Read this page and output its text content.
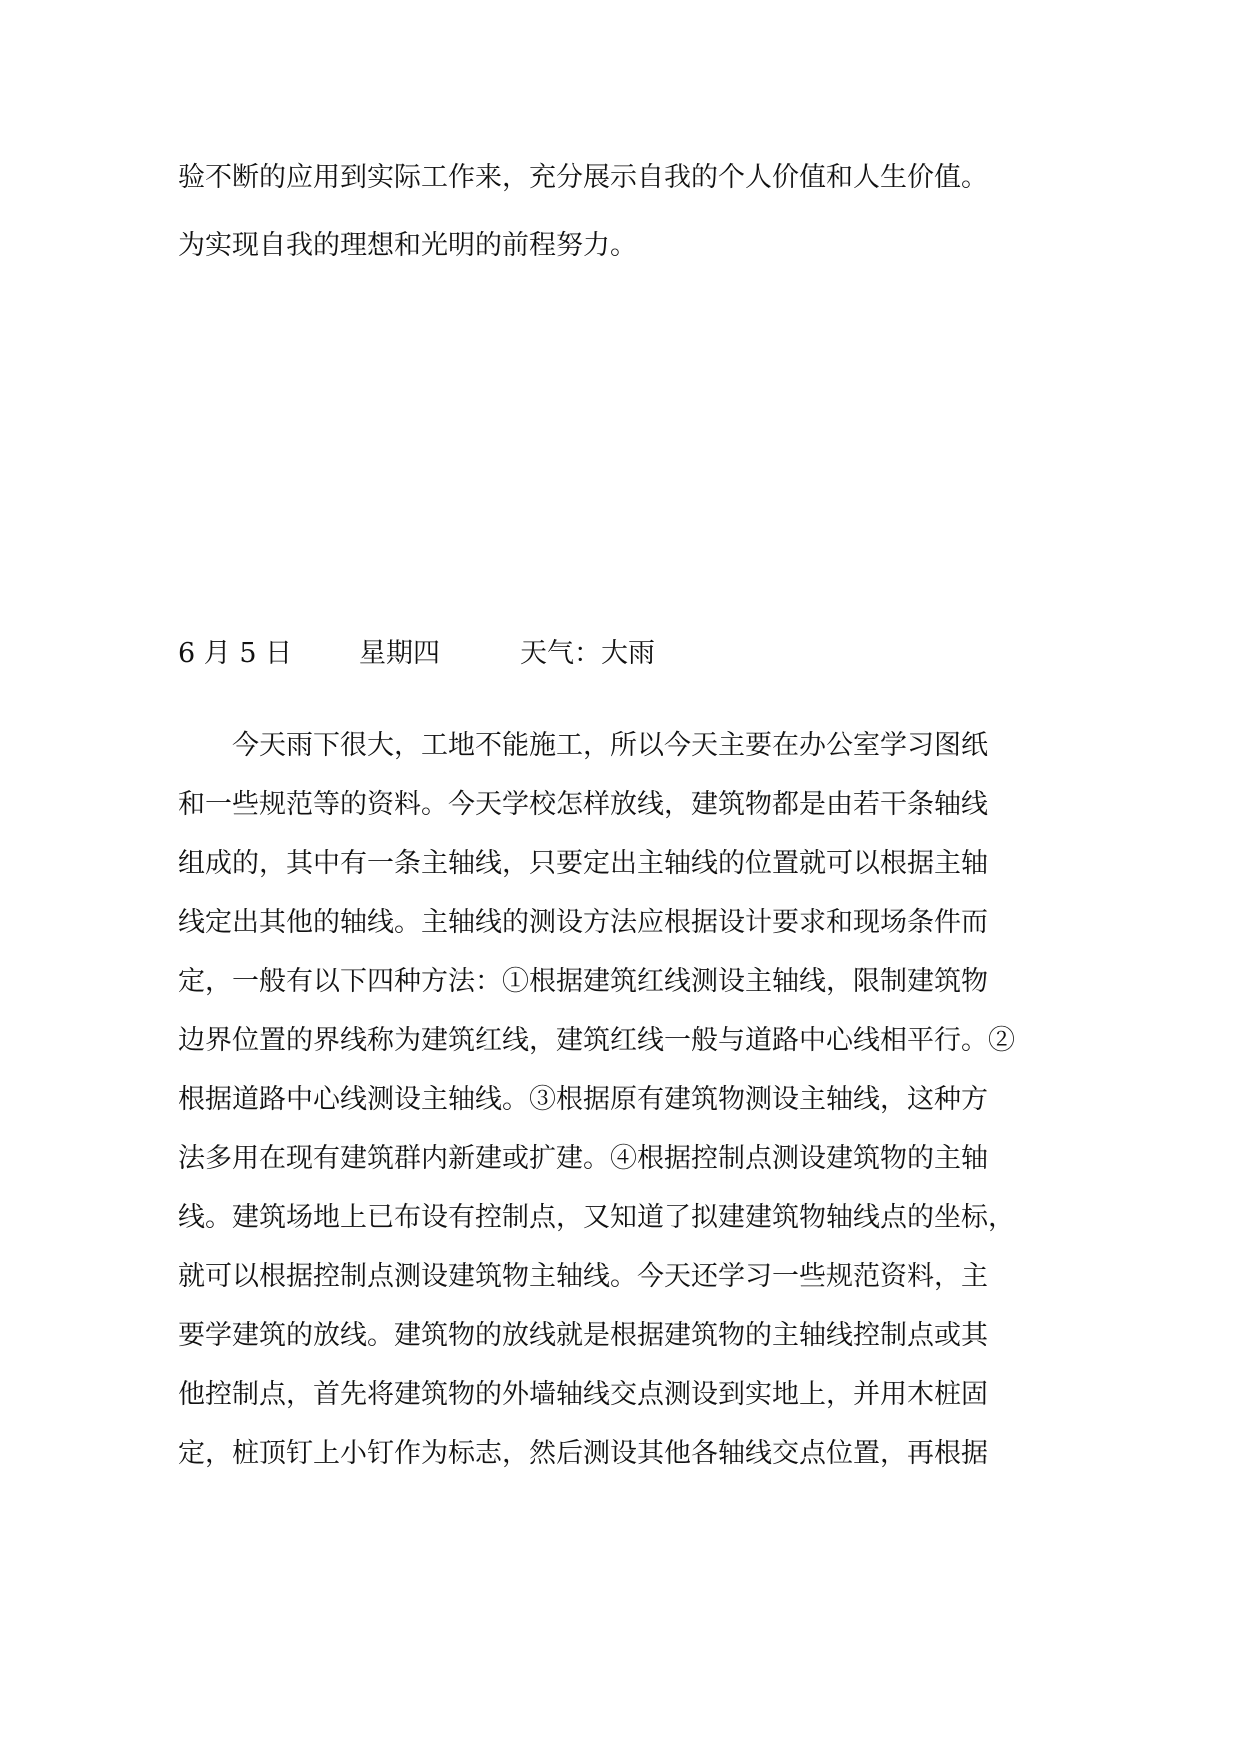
验不断的应用到实际工作来，充分展示自我的个人价值和人生价值。
为实现自我的理想和光明的前程努力。
6 月 5 日 星期四	天气：大雨
今天雨下很大，工地不能施工，所以今天主要在办公室学习图纸
和一些规范等的资料。今天学校怎样放线，建筑物都是由若干条轴线
组成的，其中有一条主轴线，只要定出主轴线的位置就可以根据主轴
线定出其他的轴线。主轴线的测设方法应根据设计要求和现场条件而
定，一般有以下四种方法：①根据建筑红线测设主轴线，限制建筑物
边界位置的界线称为建筑红线，建筑红线一般与道路中心线相平行。②
根据道路中心线测设主轴线。③根据原有建筑物测设主轴线，这种方
法多用在现有建筑群内新建或扩建。④根据控制点测设建筑物的主轴
线。建筑场地上已布设有控制点，又知道了拟建建筑物轴线点的坐标，
就可以根据控制点测设建筑物主轴线。今天还学习一些规范资料，主
要学建筑的放线。建筑物的放线就是根据建筑物的主轴线控制点或其
他控制点，首先将建筑物的外墙轴线交点测设到实地上，并用木桩固
定，桩顶钉上小钉作为标志，然后测设其他各轴线交点位置，再根据
